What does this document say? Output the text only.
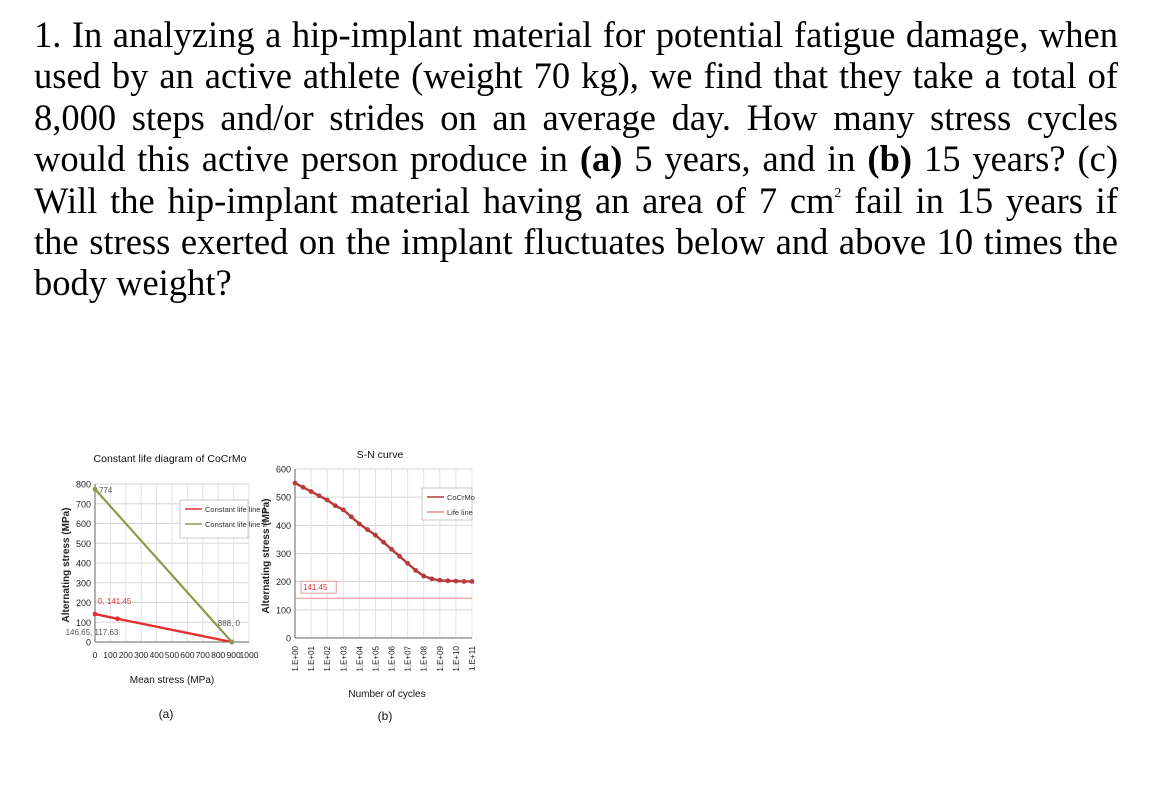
1. In analyzing a hip-implant material for potential fatigue damage, when used by an active athlete (weight 70 kg), we find that they take a total of 8,000 steps and/or strides on an average day. How many stress cycles would this active person produce in (a) 5 years, and in (b) 15 years? (c) Will the hip-implant material having an area of 7 $cm^2$ fail in 15 years if the stress exerted on the implant fluctuates below and above 10 times the body weight?

0
100
200
300
400
500
600
700
800
0 100 200 300 400 500 600 700 800 900
1000
774
0, 141.45
146.65, 117.63
888, 0
Constant life line 1
Constant life line 2
Constant life diagram of CoCrMo
Mean stress (MPa)
Alternating stress (MPa)
(a)
0
100
200
300
400
500
600
1.E+00 1.E+01 1.E+02 1.E+03 1.E+04 1.E+05 1.E+06 1.E+07 1.E+08 1.E+09 1.E+10 1.E+11
141.45
CoCrMo
Life line
S-N curve
Number of cycles
Alternating stress (MPa)
(b)
